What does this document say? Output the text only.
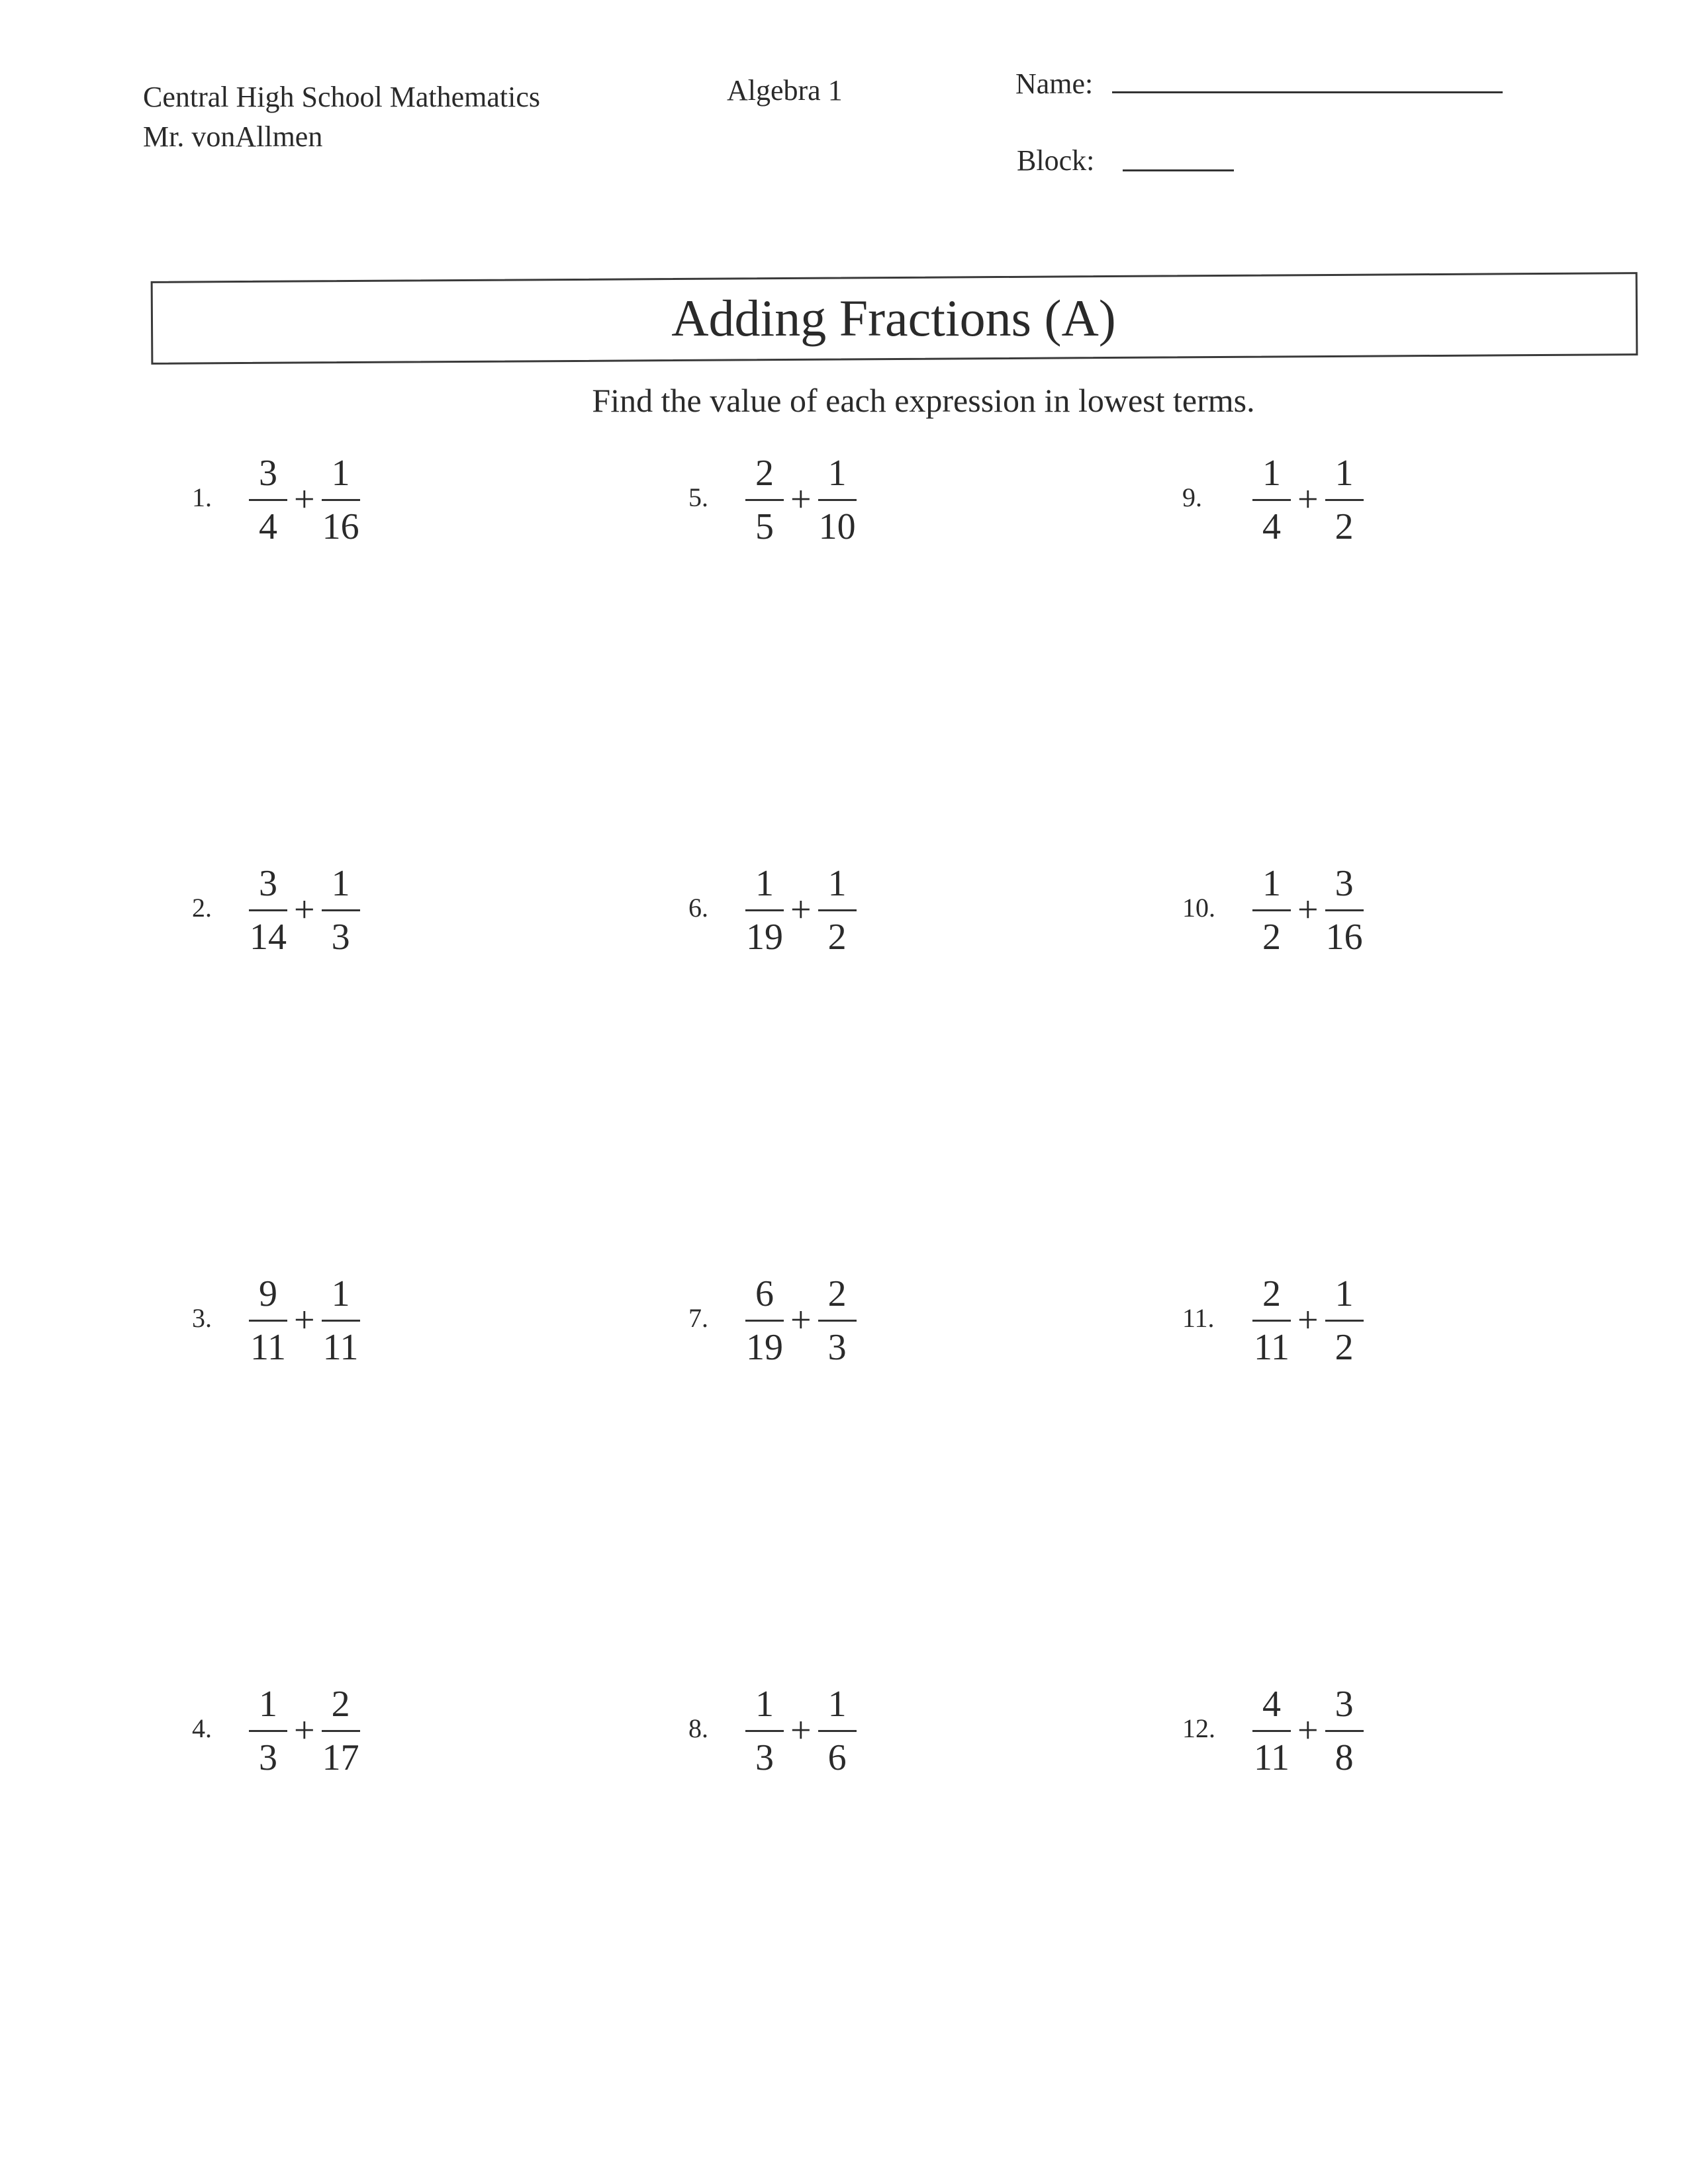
Central High School Mathematics
Mr. vonAllmen
Algebra 1	Name:
Block:
Adding Fractions (A)
Find the value of each expression in lowest terms.
1. $\frac{3}{4} + \frac{1}{16}$
2. $\frac{3}{14} + \frac{1}{3}$
3. $\frac{9}{11} + \frac{1}{11}$
4. $\frac{1}{3} + \frac{2}{17}$
5. $\frac{2}{5} + \frac{1}{10}$
6. $\frac{1}{19} + \frac{1}{2}$
7. $\frac{6}{19} + \frac{2}{3}$
8. $\frac{1}{3} + \frac{1}{6}$
9. $\frac{1}{4} + \frac{1}{2}$
10. $\frac{1}{2} + \frac{3}{16}$
11. $\frac{2}{11} + \frac{1}{2}$
12. $\frac{4}{11} + \frac{3}{8}$
